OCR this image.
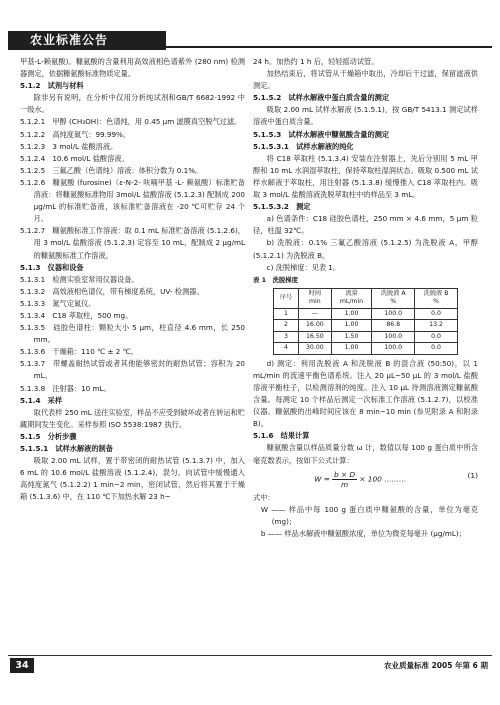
农业标准公告

甲基-L-赖氨酸)。糠氨酸的含量利用高效液相色谱紫外 (280 nm) 检测器测定，依据糠氨酸标准物质定量。

5.1.2　试剂与材料

除非另有说明，在分析中仅用分析纯试剂和GB/T 6682-1992 中一级水。

5.1.2.1　甲醇 (CH₃OH)：色谱纯，用 0.45 μm 滤膜真空脱气过滤。

5.1.2.2　高纯度氮气：99.99%。

5.1.2.3　3 mol/L 盐酸溶液。

5.1.2.4　10.6 mol/L 盐酸溶液。

5.1.2.5　三氟乙酸（色谱纯）溶液：体积分数为 0.1%。

5.1.2.6　糠氨酸 (furosine)（ε-N-2- 呋喃甲基 -L- 赖氨酸）标准贮备溶液：将糠氨酸标准物用 3mol/L 盐酸溶液 (5.1.2.3) 配制成 200 μg/mL 的标准贮备液，该标准贮备溶液在 -20 ℃可贮存 24 个月。

5.1.2.7　糠氨酸标准工作溶液：取 0.1 mL 标准贮备溶液 (5.1.2.6)，用 3 mol/L 盐酸溶液 (5.1.2.3) 定容至 10 mL，配制成 2 μg/mL 的糠氨酸标准工作溶液。

5.1.3　仪器和设备

5.1.3.1　检测实验室常用仪器设备。

5.1.3.2　高效液相色谱仪，带有梯度系统，UV- 检测器。

5.1.3.3　氮气定氮仪。

5.1.3.4　C18 萃取柱，500 mg。

5.1.3.5　硅胶色谱柱：颗粒大小 5 μm，柱直径 4.6 mm，长 250 mm。

5.1.3.6　干燥箱：110 ℃ ± 2 ℃。

5.1.3.7　带螺盖耐热试管或者其他能够密封的耐热试管；容积为 20 mL。

5.1.3.8　注射器：10 mL。

5.1.4　采样

取代表样 250 mL 送往实验室，样品不应受到破坏或者在转运和贮藏期间发生变化。采样参照 ISO 5538:1987 执行。

5.1.5　分析步骤

5.1.5.1　试样水解液的制备

吸取 2.00 mL 试样，置于带密闭的耐热试管 (5.1.3.7) 中，加入 6 mL 的 10.6 mol/L 盐酸溶液 (5.1.2.4)，混匀。向试管中缓慢通入高纯度氮气 (5.1.2.2) 1 min~2 min，密闭试管，然后将其置于干燥箱 (5.1.3.6) 中，在 110 ℃下加热水解 23 h~

24 h。加热约 1 h 后，轻轻摇动试管。

加热结束后，将试管从干燥箱中取出，冷却后干过滤，保留滤液供测定。

5.1.5.2　试样水解液中蛋白质含量的测定

吸取 2.00 mL 试样水解液 (5.1.5.1)，按 GB/T 5413.1 测定试样溶液中蛋白质含量。

5.1.5.3　试样水解液中糠氨酸含量的测定

5.1.5.3.1　试样水解液的纯化

将 C18 萃取柱 (5.1.3.4) 安装在注射器上，先后分别用 5 mL 甲醇和 10 mL 水润湿萃取柱，保持萃取柱湿润状态。吸取 0.500 mL 试样水解液于萃取柱，用注射器 (5.1.3.8) 缓慢推入 C18 萃取柱内。吸取 3 mol/L 盐酸溶液洗脱萃取柱中的样品至 3 mL。

5.1.5.3.2　测定

a) 色谱条件：C18 硅胶色谱柱，250 mm × 4.6 mm，5 μm 粒径，柱温 32℃。

b) 洗脱液：0.1% 三氟乙酸溶液 (5.1.2.5) 为洗脱液 A，甲醇 (5.1.2.1) 为洗脱液 B。

c) 洗脱梯度：见表 1。

表 1　洗脱梯度

序号	时间
min	流量
mL/min	洗脱液 A
%	洗脱液 B
%
1	—	1.00	100.0	0.0
2	16.00	1.00	86.8	13.2
3	16.50	1.50	100.0	0.0
4	30.00	1.00	100.0	0.0

d) 测定：利用洗脱液 A 和洗脱液 B 的混合液 (50:50)，以 1 mL/min 的流速平衡色谱系统。注入 20 μL~50 μL 的 3 mol/L 盐酸溶液平衡柱子，以检测溶剂的纯度。注入 10 μL 待测溶液测定糠氨酸含量。每测定 10 个样品后测定一次标准工作溶液 (5.1.2.7)，以校准仪器。糠氨酸的出峰时间应该在 8 min~10 min (参见附录 A 和附录 B)。

5.1.6　结果计算

糠氨酸含量以样品质量分数 ω 计，数值以每 100 g 蛋白质中所含毫克数表示，按如下公式计算：

$W = \frac{b \times D}{m} \times 100$ ………	(1)

式中：

W —— 样品中每 100 g 蛋白质中糠氨酸的含量，单位为毫克 (mg)；

b —— 样品水解液中糠氨酸浓度，单位为微克每毫升 (μg/mL)；

34	农业质量标准 2005 年第 6 期
